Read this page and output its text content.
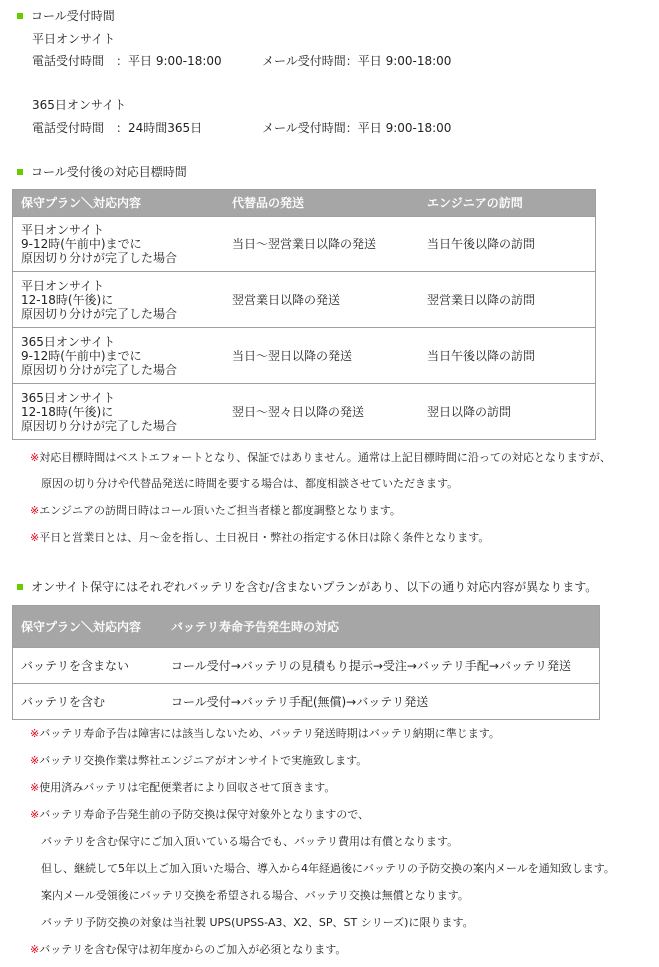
コール受付時間
平日オンサイト
電話受付時間　：平日 9:00-18:00	メール受付時間：平日 9:00-18:00
365日オンサイト
電話受付時間　：24時間365日	メール受付時間：平日 9:00-18:00
コール受付後の対応目標時間
保守プラン＼対応内容	代替品の発送	エンジニアの訪問

平日オンサイト
9-12時(午前中)までに
原因切り分けが完了した場合	当日～翌営業日以降の発送	当日午後以降の訪問

平日オンサイト
12-18時(午後)に
原因切り分けが完了した場合	翌営業日以降の発送	翌営業日以降の訪問

365日オンサイト
9-12時(午前中)までに
原因切り分けが完了した場合	当日～翌日以降の発送	当日午後以降の訪問

365日オンサイト
12-18時(午後)に
原因切り分けが完了した場合	翌日～翌々日以降の発送	翌日以降の訪問
※対応目標時間はベストエフォートとなり、保証ではありません。通常は上記目標時間に沿っての対応となりますが、
原因の切り分けや代替品発送に時間を要する場合は、都度相談させていただきます。
※エンジニアの訪問日時はコール頂いたご担当者様と都度調整となります。
※平日と営業日とは、月～金を指し、土日祝日・弊社の指定する休日は除く条件となります。
オンサイト保守にはそれぞれバッテリを含む/含まないプランがあり、以下の通り対応内容が異なります。
保守プラン＼対応内容	バッテリ寿命予告発生時の対応
バッテリを含まない	コール受付→バッテリの見積もり提示→受注→バッテリ手配→バッテリ発送
バッテリを含む	コール受付→バッテリ手配(無償)→バッテリ発送
※バッテリ寿命予告は障害には該当しないため、バッテリ発送時期はバッテリ納期に準じます。
※バッテリ交換作業は弊社エンジニアがオンサイトで実施致します。
※使用済みバッテリは宅配便業者により回収させて頂きます。
※バッテリ寿命予告発生前の予防交換は保守対象外となりますので、
バッテリを含む保守にご加入頂いている場合でも、バッテリ費用は有償となります。
但し、継続して5年以上ご加入頂いた場合、導入から4年経過後にバッテリの予防交換の案内メールを通知致します。
案内メール受領後にバッテリ交換を希望される場合、バッテリ交換は無償となります。
バッテリ予防交換の対象は当社製 UPS(UPSS-A3、X2、SP、ST シリーズ)に限ります。
※バッテリを含む保守は初年度からのご加入が必須となります。
